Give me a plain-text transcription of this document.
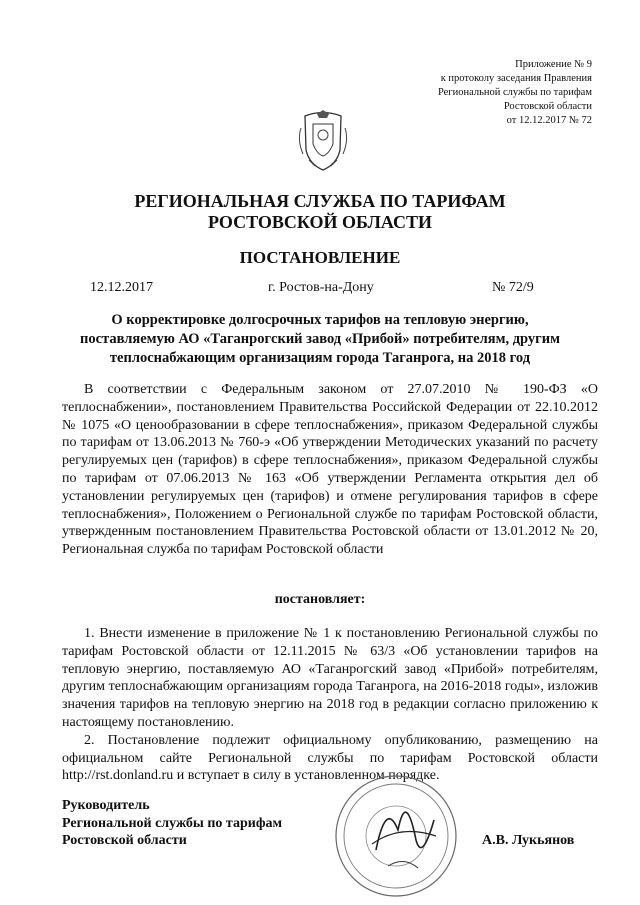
Приложение № 9
к протоколу заседания Правления
Региональной службы по тарифам
Ростовской области
от 12.12.2017 № 72
РЕГИОНАЛЬНАЯ СЛУЖБА ПО ТАРИФАМ
РОСТОВСКОЙ ОБЛАСТИ
ПОСТАНОВЛЕНИЕ
12.12.2017	г. Ростов-на-Дону	№ 72/9
О корректировке долгосрочных тарифов на тепловую энергию,
поставляемую АО «Таганрогский завод «Прибой» потребителям, другим
теплоснабжающим организациям города Таганрога, на 2018 год

В соответствии с Федеральным законом от 27.07.2010 № 190-ФЗ «О теплоснабжении», постановлением Правительства Российской Федерации от 22.10.2012 № 1075 «О ценообразовании в сфере теплоснабжения», приказом Федеральной службы по тарифам от 13.06.2013 № 760-э «Об утверждении Методических указаний по расчету регулируемых цен (тарифов) в сфере теплоснабжения», приказом Федеральной службы по тарифам от 07.06.2013 № 163 «Об утверждении Регламента открытия дел об установлении регулируемых цен (тарифов) и отмене регулирования тарифов в сфере теплоснабжения», Положением о Региональной службе по тарифам Ростовской области, утвержденным постановлением Правительства Ростовской области от 13.01.2012 № 20, Региональная служба по тарифам Ростовской области

постановляет:

1. Внести изменение в приложение № 1 к постановлению Региональной службы по тарифам Ростовской области от 12.11.2015 № 63/3 «Об установлении тарифов на тепловую энергию, поставляемую АО «Таганрогский завод «Прибой» потребителям, другим теплоснабжающим организациям города Таганрога, на 2016-2018 годы», изложив значения тарифов на тепловую энергию на 2018 год в редакции согласно приложению к настоящему постановлению.

2. Постановление подлежит официальному опубликованию, размещению на официальном сайте Региональной службы по тарифам Ростовской области http://rst.donland.ru и вступает в силу в установленном порядке.

Руководитель
Региональной службы по тарифам
Ростовской области	А.В. Лукьянов
